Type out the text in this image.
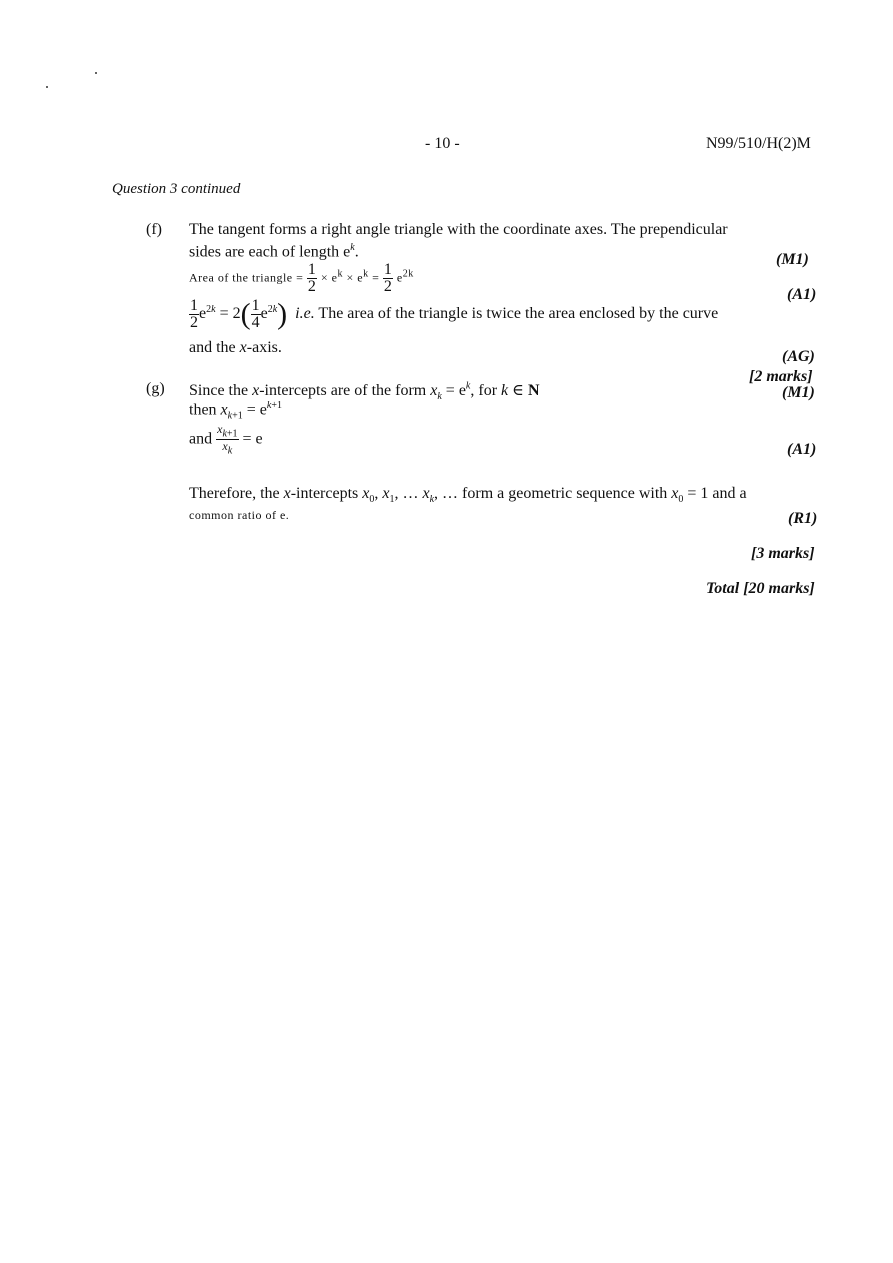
- 10 -	N99/510/H(2)M
Question 3 continued
(f) The tangent forms a right angle triangle with the coordinate axes. The prependicular
sides are each of length $e^k$.	(M1)
Area of the triangle = $\frac{1}{2} \times e^k \times e^k = \frac{1}{2} e^{2k}$
(A1)
$\frac{1}{2} e^{2k} = 2( \frac{1}{4} e^{2k})$ i.e. The area of the triangle is twice the area enclosed by the curve
and the x-axis.
(AG)
[2 marks]
(g) Since the x-intercepts are of the form $x_k = e^k$, for k ∈ N	(M1)
then $x_{k+1} = e^{k+1}$
and $\frac{x_{k+1}}{x_k} = e$
(A1)
Therefore, the x-intercepts $x_0$, $x_1$, … $x_k$, … form a geometric sequence with $x_0 = 1$ and a
common ratio of e.	(R1)
[3 marks]
Total [20 marks]
